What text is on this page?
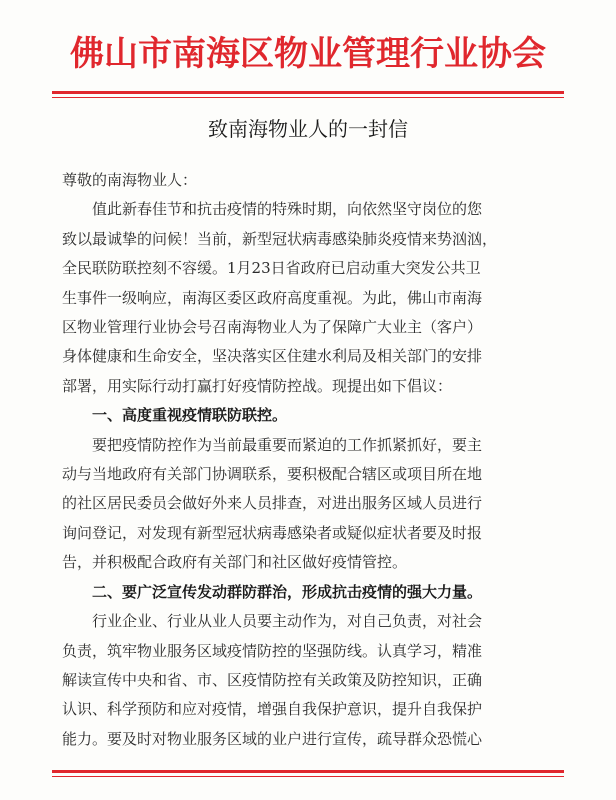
佛山市南海区物业管理行业协会
致南海物业人的一封信
尊敬的南海物业人：
值此新春佳节和抗击疫情的特殊时期，向依然坚守岗位的您
致以最诚挚的问候！当前，新型冠状病毒感染肺炎疫情来势汹汹，
全民联防联控刻不容缓。1月23日省政府已启动重大突发公共卫
生事件一级响应，南海区委区政府高度重视。为此，佛山市南海
区物业管理行业协会号召南海物业人为了保障广大业主（客户）
身体健康和生命安全，坚决落实区住建水利局及相关部门的安排
部署，用实际行动打赢打好疫情防控战。现提出如下倡议：
一、高度重视疫情联防联控。
要把疫情防控作为当前最重要而紧迫的工作抓紧抓好，要主
动与当地政府有关部门协调联系，要积极配合辖区或项目所在地
的社区居民委员会做好外来人员排查，对进出服务区域人员进行
询问登记，对发现有新型冠状病毒感染者或疑似症状者要及时报
告，并积极配合政府有关部门和社区做好疫情管控。
二、要广泛宣传发动群防群治，形成抗击疫情的强大力量。
行业企业、行业从业人员要主动作为，对自己负责，对社会
负责，筑牢物业服务区域疫情防控的坚强防线。认真学习，精准
解读宣传中央和省、市、区疫情防控有关政策及防控知识，正确
认识、科学预防和应对疫情，增强自我保护意识，提升自我保护
能力。要及时对物业服务区域的业户进行宣传，疏导群众恐慌心
